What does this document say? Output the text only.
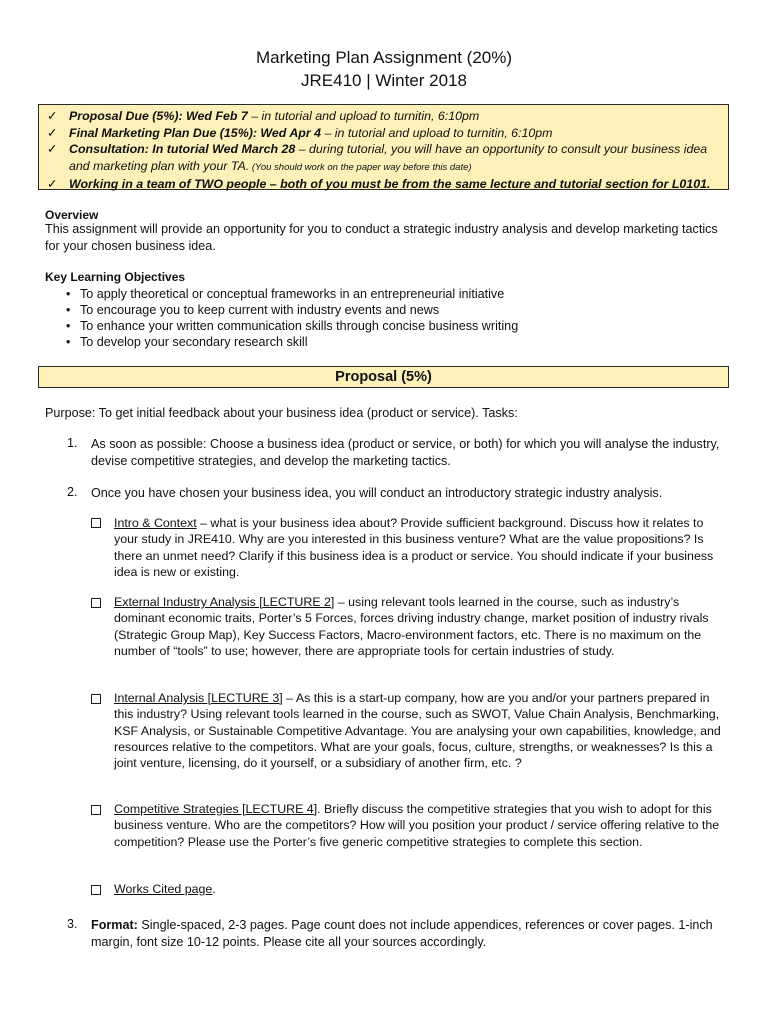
Marketing Plan Assignment (20%)
JRE410 | Winter 2018
✓ Proposal Due (5%): Wed Feb 7 – in tutorial and upload to turnitin, 6:10pm
✓ Final Marketing Plan Due (15%): Wed Apr 4 – in tutorial and upload to turnitin, 6:10pm
✓ Consultation: In tutorial Wed March 28 – during tutorial, you will have an opportunity to consult your business idea and marketing plan with your TA. (You should work on the paper way before this date)
✓ Working in a team of TWO people – both of you must be from the same lecture and tutorial section for L0101.
Overview
This assignment will provide an opportunity for you to conduct a strategic industry analysis and develop marketing tactics for your chosen business idea.
Key Learning Objectives
• To apply theoretical or conceptual frameworks in an entrepreneurial initiative
• To encourage you to keep current with industry events and news
• To enhance your written communication skills through concise business writing
• To develop your secondary research skill
Proposal (5%)
Purpose: To get initial feedback about your business idea (product or service). Tasks:
1. As soon as possible: Choose a business idea (product or service, or both) for which you will analyse the industry, devise competitive strategies, and develop the marketing tactics.
2. Once you have chosen your business idea, you will conduct an introductory strategic industry analysis.
Intro & Context – what is your business idea about? Provide sufficient background. Discuss how it relates to your study in JRE410. Why are you interested in this business venture? What are the value propositions? Is there an unmet need? Clarify if this business idea is a product or service. You should indicate if your business idea is new or existing.
External Industry Analysis [LECTURE 2] – using relevant tools learned in the course, such as industry’s dominant economic traits, Porter’s 5 Forces, forces driving industry change, market position of industry rivals (Strategic Group Map), Key Success Factors, Macro-environment factors, etc. There is no maximum on the number of “tools” to use; however, there are appropriate tools for certain industries of study.
Internal Analysis [LECTURE 3] – As this is a start-up company, how are you and/or your partners prepared in this industry? Using relevant tools learned in the course, such as SWOT, Value Chain Analysis, Benchmarking, KSF Analysis, or Sustainable Competitive Advantage. You are analysing your own capabilities, knowledge, and resources relative to the competitors. What are your goals, focus, culture, strengths, or weaknesses? Is this a joint venture, licensing, do it yourself, or a subsidiary of another firm, etc. ?
Competitive Strategies [LECTURE 4]. Briefly discuss the competitive strategies that you wish to adopt for this business venture. Who are the competitors? How will you position your product / service offering relative to the competition? Please use the Porter’s five generic competitive strategies to complete this section.
Works Cited page.
3. Format: Single-spaced, 2-3 pages. Page count does not include appendices, references or cover pages. 1-inch margin, font size 10-12 points. Please cite all your sources accordingly.
